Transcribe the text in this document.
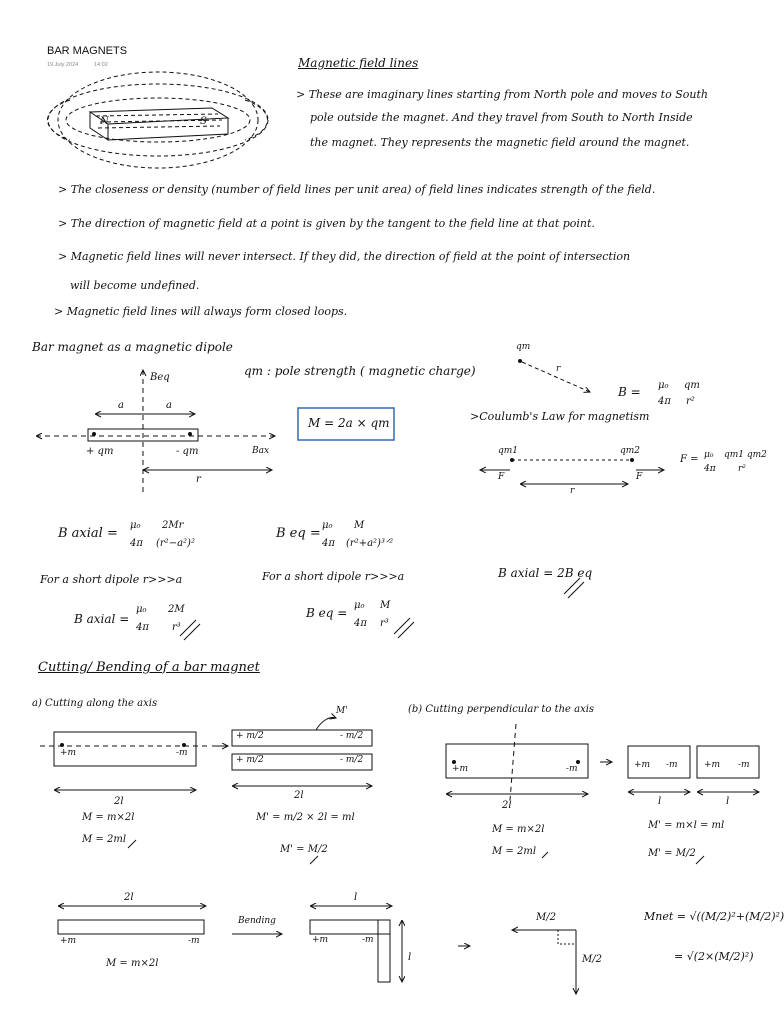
BAR MAGNETS
19 July 2024	14:02
N	S
Magnetic field lines
> These are imaginary lines starting from North pole and moves to South
pole outside the magnet. And they travel from South to North Inside
the magnet. They represents the magnetic field around the magnet.
> The closeness or density (number of field lines per unit area) of field lines indicates strength of the field.
> The direction of magnetic field at a point is given by the tangent to the field line at that point.
> Magnetic field lines will never intersect. If they did, the direction of field at the point of intersection
will become undefined.
> Magnetic field lines will always form closed loops.
Bar magnet as a magnetic dipole
qm : pole strength ( magnetic charge)
Beq
a	a
+ qm	- qm	Bax
r
M = 2a × qm
qm
r
B = μ₀
4π
qm
r²
>Coulumb's Law for magnetism
qm1	qm2
F	F
r
F = μ₀
4π
qm1 qm2
r²
B axial =
μ₀
4π
2Mr
(r²−a²)²
B eq =
μ₀
4π
M
(r²+a²)³ᐟ²
For a short dipole r>>>a	For a short dipole r>>>a
B axial =
μ₀
4π
2M
r³
B eq =
μ₀
4π
M
r³
B axial = 2B eq
Cutting/ Bending of a bar magnet
a) Cutting along the axis
(b) Cutting perpendicular to the axis
+m	-m
2l
M = m×2l
M = 2ml
M'
+ m/2	- m/2
+ m/2	- m/2
2l
M' = m/2 × 2l = ml
M' = M/2
+m	-m
2l
M = m×2l
M = 2ml
+m -m	+m -m
l	l
M' = m×l = ml
M' = M/2
2l
+m	-m
M = m×2l
Bending
l
l
+m	-m
M/2
M/2
Mnet = √((M/2)²+(M/2)²)
= √(2×(M/2)²)
